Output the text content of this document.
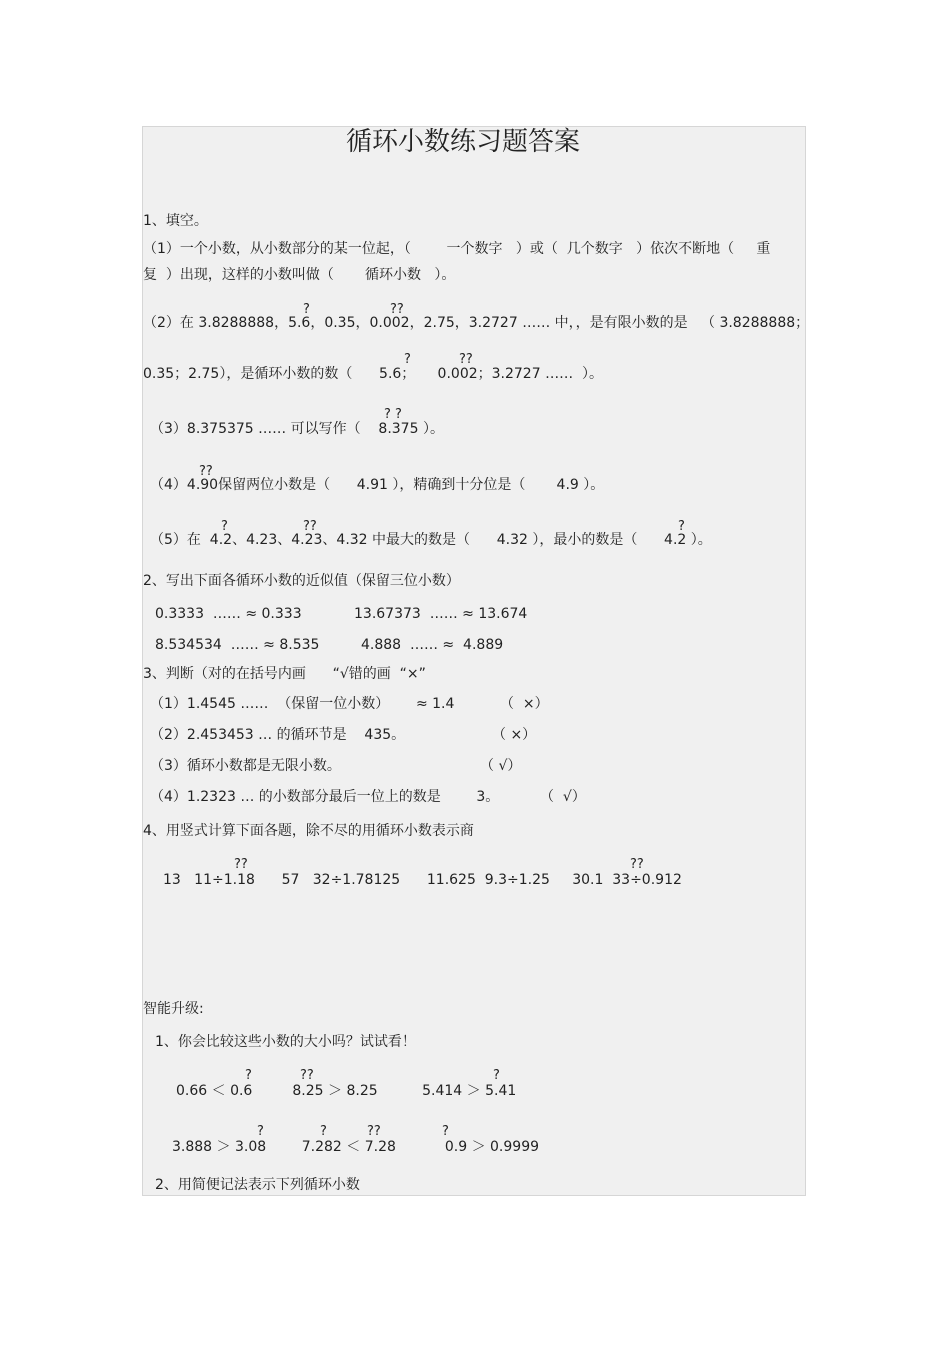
循环小数练习题答案
1、填空。
（1）一个小数，从小数部分的某一位起，（        一个数字   ）或（  几个数字   ）依次不断地（     重
复  ）出现，这样的小数叫做（       循环小数   ）。
?	??
（2）在 3.8288888，5.6，0.35，0.002，2.75，3.2727 …… 中，，是有限小数的是   （ 3.8288888；
?	??
0.35；2.75），是循环小数的数（      5.6；     0.002；3.2727 ……  ）。
? ?
（3）8.375375 …… 可以写作（    8.375 ）。
??
（4）4.90保留两位小数是（      4.91 ），精确到十分位是（       4.9 ）。
?	??	?
（5）在  4.2、4.23、4.23、4.32 中最大的数是（      4.32 ），最小的数是（      4.2 ）。
2、写出下面各循环小数的近似值（保留三位小数）
0.3333  …… ≈ 0.333	13.67373  …… ≈ 13.674
8.534534  …… ≈ 8.535	4.888  …… ≈  4.889
3、判断（对的在括号内画      “√错的画  “×”
（1）1.4545 ……  （保留一位小数）      ≈ 1.4	（  ×）
（2）2.453453 … 的循环节是    435。	（ ×）
（3）循环小数都是无限小数。	（ √）
（4）1.2323 … 的小数部分最后一位上的数是        3。	（  √）
4、用竖式计算下面各题，除不尽的用循环小数表示商
??	??
13   11÷1.18      57   32÷1.78125      11.625  9.3÷1.25     30.1  33÷0.912
智能升级:
1、你会比较这些小数的大小吗？试试看！
?	??	?
0.66 ＜ 0.6         8.25 ＞ 8.25          5.414 ＞ 5.41
?	?	??	?
3.888 ＞ 3.08        7.282 ＜ 7.28           0.9 ＞ 0.9999
2、用简便记法表示下列循环小数
